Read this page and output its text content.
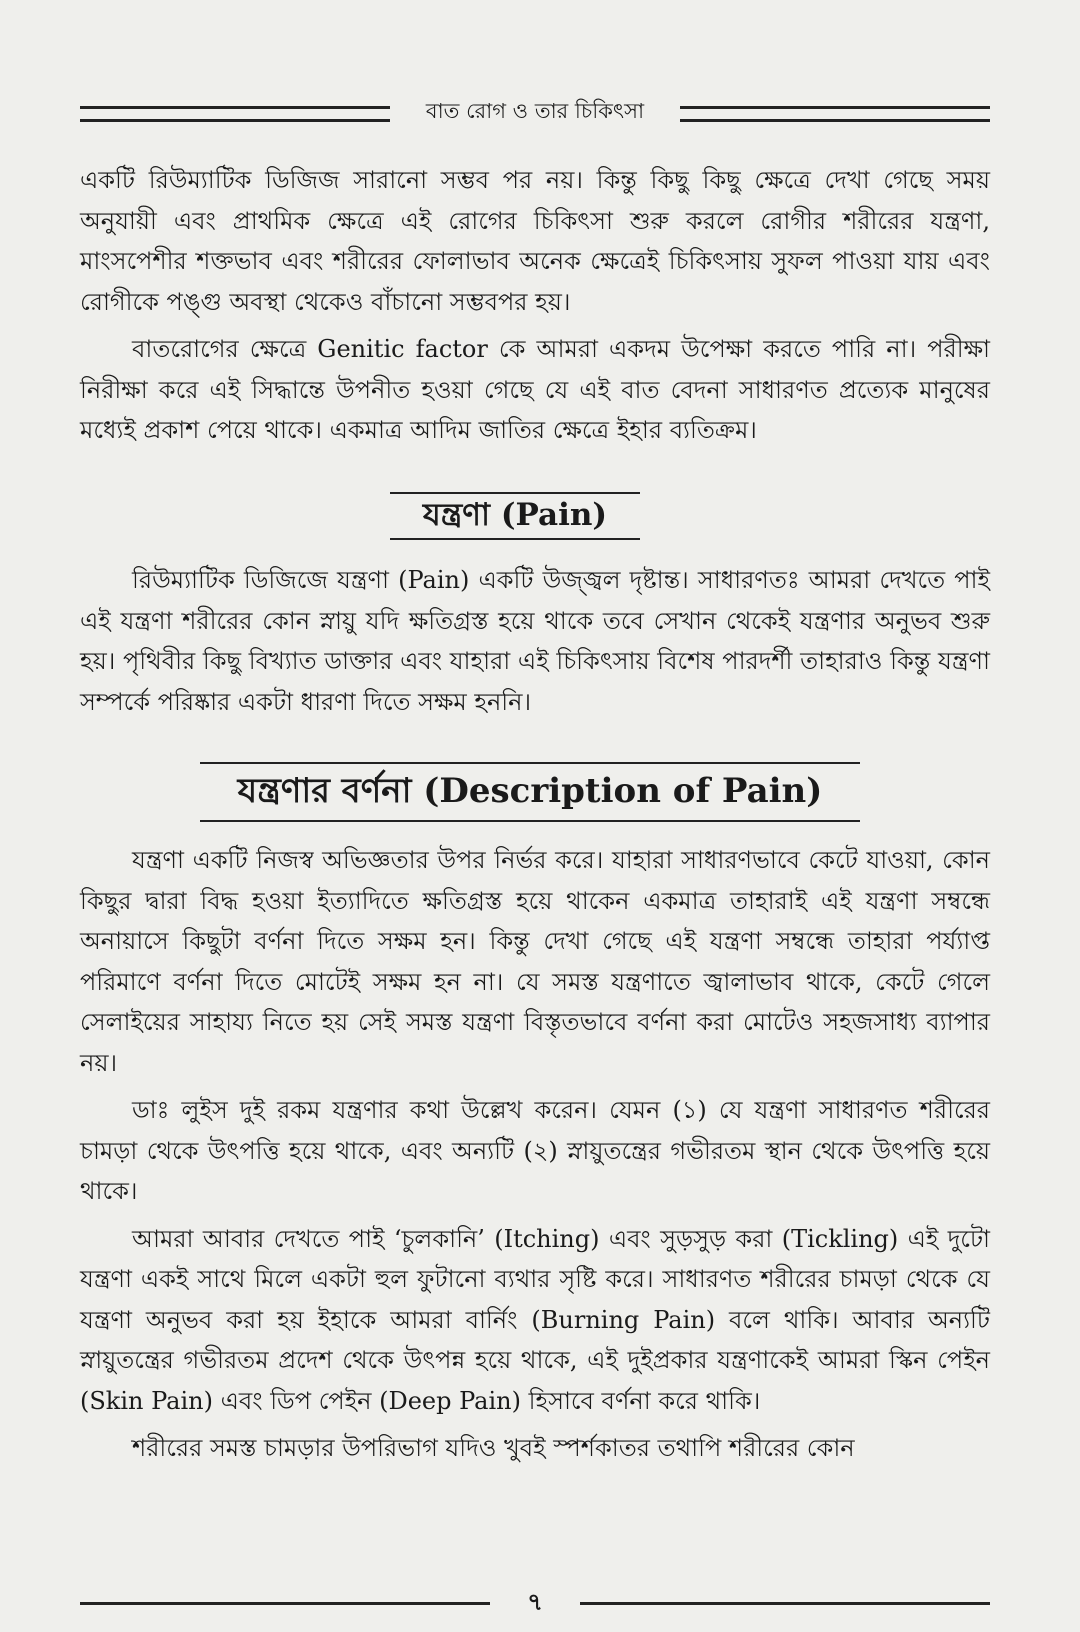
বাত রোগ ও তার চিকিৎসা

একটি রিউম্যাটিক ডিজিজ সারানো সম্ভব পর নয়। কিন্তু কিছু কিছু ক্ষেত্রে দেখা গেছে সময় অনুযায়ী এবং প্রাথমিক ক্ষেত্রে এই রোগের চিকিৎসা শুরু করলে রোগীর শরীরের যন্ত্রণা, মাংসপেশীর শক্তভাব এবং শরীরের ফোলাভাব অনেক ক্ষেত্রেই চিকিৎসায় সুফল পাওয়া যায় এবং রোগীকে পঙ্গু অবস্থা থেকেও বাঁচানো সম্ভবপর হয়।

বাতরোগের ক্ষেত্রে Genitic factor কে আমরা একদম উপেক্ষা করতে পারি না। পরীক্ষা নিরীক্ষা করে এই সিদ্ধান্তে উপনীত হওয়া গেছে যে এই বাত বেদনা সাধারণত প্রত্যেক মানুষের মধ্যেই প্রকাশ পেয়ে থাকে। একমাত্র আদিম জাতির ক্ষেত্রে ইহার ব্যতিক্রম।

যন্ত্রণা (Pain)

রিউম্যাটিক ডিজিজে যন্ত্রণা (Pain) একটি উজ্জ্বল দৃষ্টান্ত। সাধারণতঃ আমরা দেখতে পাই এই যন্ত্রণা শরীরের কোন স্নায়ু যদি ক্ষতিগ্রস্ত হয়ে থাকে তবে সেখান থেকেই যন্ত্রণার অনুভব শুরু হয়। পৃথিবীর কিছু বিখ্যাত ডাক্তার এবং যাহারা এই চিকিৎসায় বিশেষ পারদর্শী তাহারাও কিন্তু যন্ত্রণা সম্পর্কে পরিষ্কার একটা ধারণা দিতে সক্ষম হননি।

যন্ত্রণার বর্ণনা (Description of Pain)

যন্ত্রণা একটি নিজস্ব অভিজ্ঞতার উপর নির্ভর করে। যাহারা সাধারণভাবে কেটে যাওয়া, কোন কিছুর দ্বারা বিদ্ধ হওয়া ইত্যাদিতে ক্ষতিগ্রস্ত হয়ে থাকেন একমাত্র তাহারাই এই যন্ত্রণা সম্বন্ধে অনায়াসে কিছুটা বর্ণনা দিতে সক্ষম হন। কিন্তু দেখা গেছে এই যন্ত্রণা সম্বন্ধে তাহারা পর্য্যাপ্ত পরিমাণে বর্ণনা দিতে মোটেই সক্ষম হন না। যে সমস্ত যন্ত্রণাতে জ্বালাভাব থাকে, কেটে গেলে সেলাইয়ের সাহায্য নিতে হয় সেই সমস্ত যন্ত্রণা বিস্তৃতভাবে বর্ণনা করা মোটেও সহজসাধ্য ব্যাপার নয়।

ডাঃ লুইস দুই রকম যন্ত্রণার কথা উল্লেখ করেন। যেমন (১) যে যন্ত্রণা সাধারণত শরীরের চামড়া থেকে উৎপত্তি হয়ে থাকে, এবং অন্যটি (২) স্নায়ুতন্ত্রের গভীরতম স্থান থেকে উৎপত্তি হয়ে থাকে।

আমরা আবার দেখতে পাই ‘চুলকানি’ (Itching) এবং সুড়সুড় করা (Tickling) এই দুটো যন্ত্রণা একই সাথে মিলে একটা হুল ফুটানো ব্যথার সৃষ্টি করে। সাধারণত শরীরের চামড়া থেকে যে যন্ত্রণা অনুভব করা হয় ইহাকে আমরা বার্নিং (Burning Pain) বলে থাকি। আবার অন্যটি স্নায়ুতন্ত্রের গভীরতম প্রদেশ থেকে উৎপন্ন হয়ে থাকে, এই দুইপ্রকার যন্ত্রণাকেই আমরা স্কিন পেইন (Skin Pain) এবং ডিপ পেইন (Deep Pain) হিসাবে বর্ণনা করে থাকি।

শরীরের সমস্ত চামড়ার উপরিভাগ যদিও খুবই স্পর্শকাতর তথাপি শরীরের কোন

৭
